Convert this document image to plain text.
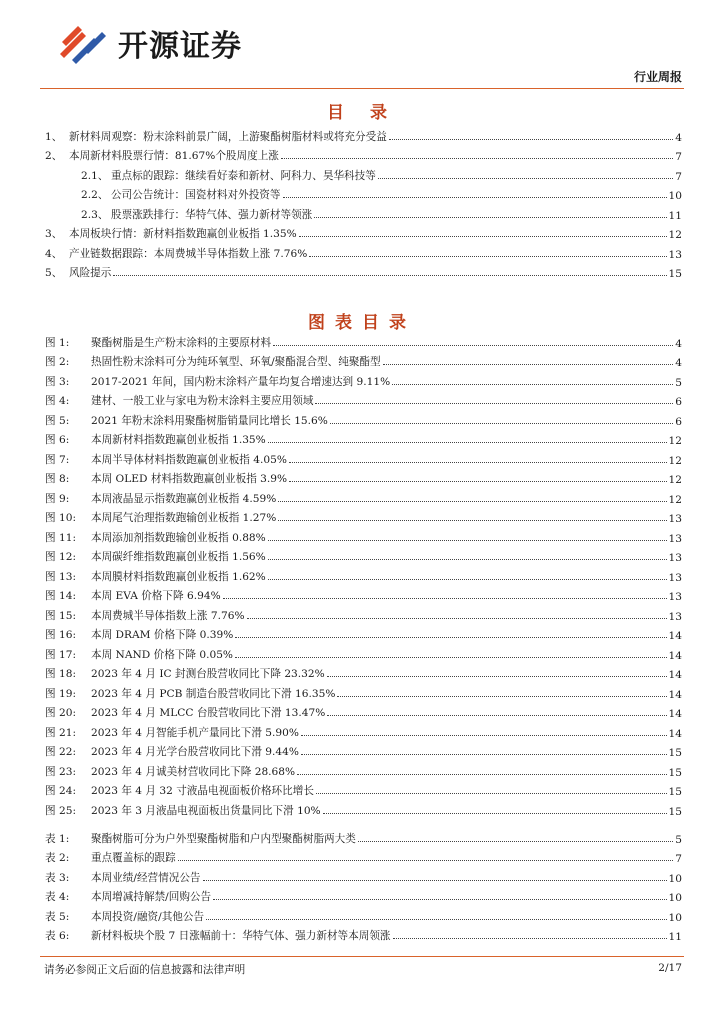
开源证券
行业周报
目 录
1、 新材料周观察：粉末涂料前景广阔，上游聚酯树脂材料或将充分受益	4
2、 本周新材料股票行情：81.67%个股周度上涨	7
2.1、 重点标的跟踪：继续看好泰和新材、阿科力、昊华科技等	7
2.2、 公司公告统计：国瓷材料对外投资等	10
2.3、 股票涨跌排行：华特气体、强力新材等领涨	11
3、 本周板块行情：新材料指数跑赢创业板指 1.35%	12
4、 产业链数据跟踪：本周费城半导体指数上涨 7.76%	13
5、 风险提示	15
图表目录
图 1:	聚酯树脂是生产粉末涂料的主要原材料	4
图 2:	热固性粉末涂料可分为纯环氧型、环氧/聚酯混合型、纯聚酯型	4
图 3:	2017-2021 年间，国内粉末涂料产量年均复合增速达到 9.11%	5
图 4:	建材、一般工业与家电为粉末涂料主要应用领域	6
图 5:	2021 年粉末涂料用聚酯树脂销量同比增长 15.6%	6
图 6:	本周新材料指数跑赢创业板指 1.35%	12
图 7:	本周半导体材料指数跑赢创业板指 4.05%	12
图 8:	本周 OLED 材料指数跑赢创业板指 3.9%	12
图 9:	本周液晶显示指数跑赢创业板指 4.59%	12
图 10:	本周尾气治理指数跑输创业板指 1.27%	13
图 11:	本周添加剂指数跑输创业板指 0.88%	13
图 12:	本周碳纤维指数跑赢创业板指 1.56%	13
图 13:	本周膜材料指数跑赢创业板指 1.62%	13
图 14:	本周 EVA 价格下降 6.94%	13
图 15:	本周费城半导体指数上涨 7.76%	13
图 16:	本周 DRAM 价格下降 0.39%	14
图 17:	本周 NAND 价格下降 0.05%	14
图 18:	2023 年 4 月 IC 封测台股营收同比下降 23.32%	14
图 19:	2023 年 4 月 PCB 制造台股营收同比下滑 16.35%	14
图 20:	2023 年 4 月 MLCC 台股营收同比下滑 13.47%	14
图 21:	2023 年 4 月智能手机产量同比下滑 5.90%	14
图 22:	2023 年 4 月光学台股营收同比下滑 9.44%	15
图 23:	2023 年 4 月诚美材营收同比下降 28.68%	15
图 24:	2023 年 4 月 32 寸液晶电视面板价格环比增长	15
图 25:	2023 年 3 月液晶电视面板出货量同比下滑 10%	15
表 1:	聚酯树脂可分为户外型聚酯树脂和户内型聚酯树脂两大类	5
表 2:	重点覆盖标的跟踪	7
表 3:	本周业绩/经营情况公告	10
表 4:	本周增减持解禁/回购公告	10
表 5:	本周投资/融资/其他公告	10
表 6:	新材料板块个股 7 日涨幅前十：华特气体、强力新材等本周领涨	11
请务必参阅正文后面的信息披露和法律声明	2/17
